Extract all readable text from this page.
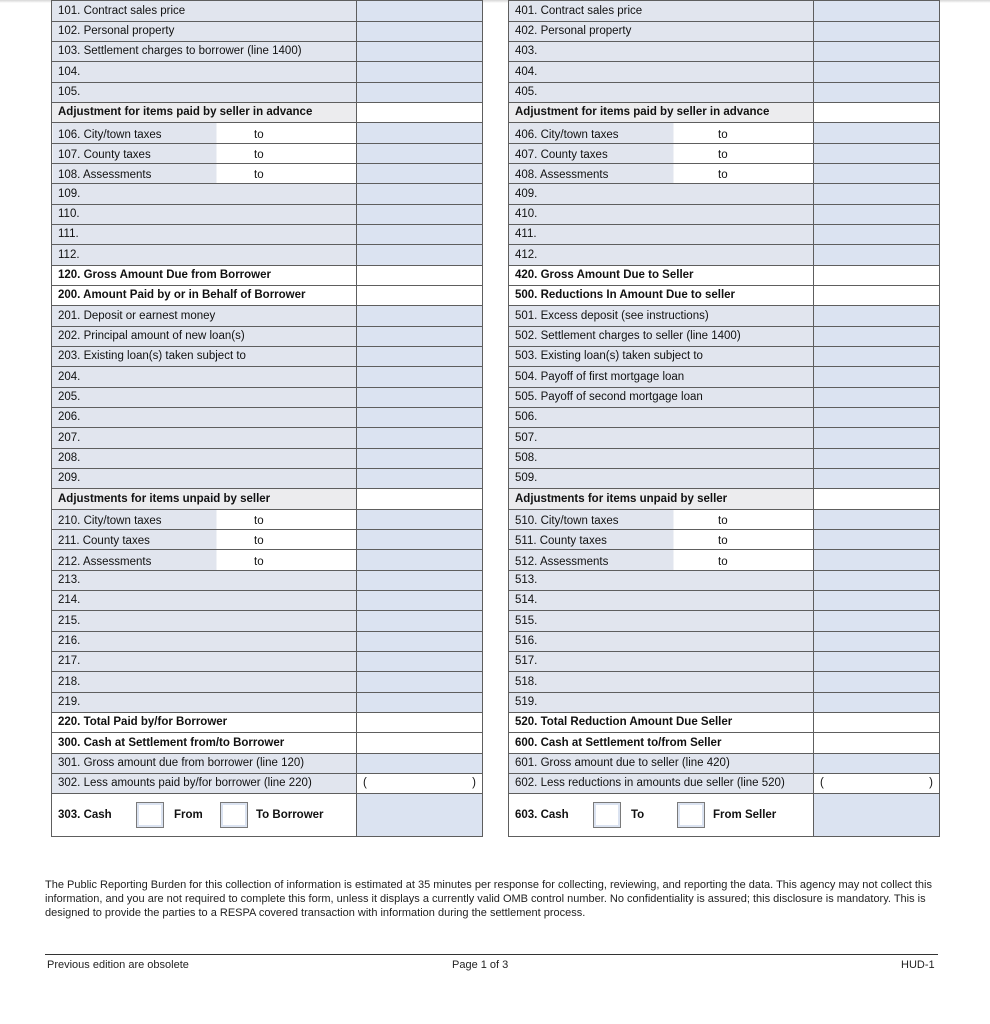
101. Contract sales price	

102. Personal property	

103. Settlement charges to borrower (line 1400)	

104.	

105.	

Adjustment for items paid by seller in advance	

106. City/town taxes to	

107. County taxes to	

108. Assessments to	

109.	

110.	

111.	

112.	

120. Gross Amount Due from Borrower	

200. Amount Paid by or in Behalf of Borrower	

201. Deposit or earnest money	

202. Principal amount of new loan(s)	

203. Existing loan(s) taken subject to	

204.	

205.	

206.	

207.	

208.	

209.	

Adjustments for items unpaid by seller	

210. City/town taxes to	

211. County taxes to	

212. Assessments to	

213.	

214.	

215.	

216.	

217.	

218.	

219.	

220. Total Paid by/for Borrower	

300. Cash at Settlement from/to Borrower	

301. Gross amount due from borrower (line 120)	

302. Less amounts paid by/for borrower (line 220)	( )

303. Cash From To Borrower	

401. Contract sales price	

402. Personal property	

403.	

404.	

405.	

Adjustment for items paid by seller in advance	

406. City/town taxes to	

407. County taxes to	

408. Assessments to	

409.	

410.	

411.	

412.	

420. Gross Amount Due to Seller	

500. Reductions In Amount Due to seller	

501. Excess deposit (see instructions)	

502. Settlement charges to seller (line 1400)	

503. Existing loan(s) taken subject to	

504. Payoff of first mortgage loan	

505. Payoff of second mortgage loan	

506.	

507.	

508.	

509.	

Adjustments for items unpaid by seller	

510. City/town taxes to	

511. County taxes to	

512. Assessments to	

513.	

514.	

515.	

516.	

517.	

518.	

519.	

520. Total Reduction Amount Due Seller	

600. Cash at Settlement to/from Seller	

601. Gross amount due to seller (line 420)	

602. Less reductions in amounts due seller (line 520)	( )

603. Cash To From Seller	

The Public Reporting Burden for this collection of information is estimated at 35 minutes per response for collecting, reviewing, and reporting the data. This agency may not collect this information, and you are not required to complete this form, unless it displays a currently valid OMB control number. No confidentiality is assured; this disclosure is mandatory. This is designed to provide the parties to a RESPA covered transaction with information during the settlement process.
Previous edition are obsolete	Page 1 of 3	HUD-1
